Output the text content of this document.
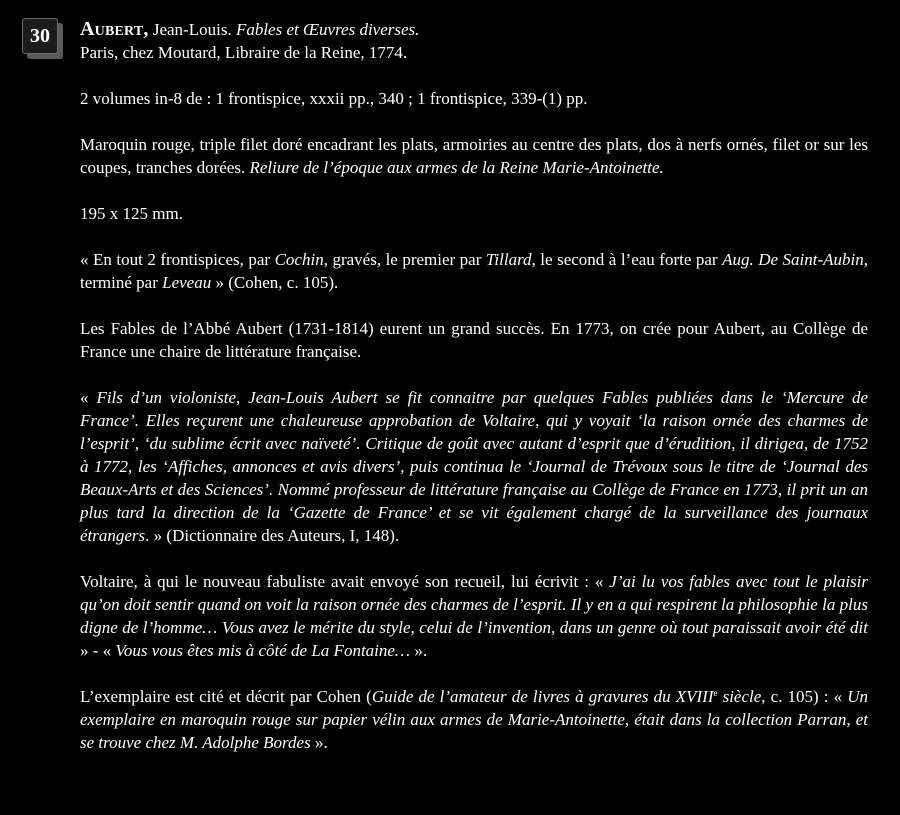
30 Aubert, Jean-Louis. Fables et Œuvres diverses.
Paris, chez Moutard, Libraire de la Reine, 1774.

2 volumes in-8 de : 1 frontispice, xxxii pp., 340 ; 1 frontispice, 339-(1) pp.

Maroquin rouge, triple filet doré encadrant les plats, armoiries au centre des plats, dos à nerfs ornés, filet or sur les coupes, tranches dorées. Reliure de l’époque aux armes de la Reine Marie-Antoinette.

195 x 125 mm.

« En tout 2 frontispices, par Cochin, gravés, le premier par Tillard, le second à l’eau forte par Aug. De Saint-Aubin, terminé par Leveau » (Cohen, c. 105).

Les Fables de l’Abbé Aubert (1731-1814) eurent un grand succès. En 1773, on crée pour Aubert, au Collège de France une chaire de littérature française.

« Fils d’un violoniste, Jean-Louis Aubert se fit connaitre par quelques Fables publiées dans le ‘Mercure de France’. Elles reçurent une chaleureuse approbation de Voltaire, qui y voyait ‘la raison ornée des charmes de l’esprit’, ‘du sublime écrit avec naïveté’. Critique de goût avec autant d’esprit que d’érudition, il dirigea, de 1752 à 1772, les ‘Affiches, annonces et avis divers’, puis continua le ‘Journal de Trévoux sous le titre de ‘Journal des Beaux-Arts et des Sciences’. Nommé professeur de littérature française au Collège de France en 1773, il prit un an plus tard la direction de la ‘Gazette de France’ et se vit également chargé de la surveillance des journaux étrangers. » (Dictionnaire des Auteurs, I, 148).

Voltaire, à qui le nouveau fabuliste avait envoyé son recueil, lui écrivit : « J’ai lu vos fables avec tout le plaisir qu’on doit sentir quand on voit la raison ornée des charmes de l’esprit. Il y en a qui respirent la philosophie la plus digne de l’homme… Vous avez le mérite du style, celui de l’invention, dans un genre où tout paraissait avoir été dit » - « Vous vous êtes mis à côté de La Fontaine… ».

L’exemplaire est cité et décrit par Cohen (Guide de l’amateur de livres à gravures du XVIIIe siècle, c. 105) : « Un exemplaire en maroquin rouge sur papier vélin aux armes de Marie-Antoinette, était dans la collection Parran, et se trouve chez M. Adolphe Bordes ».
